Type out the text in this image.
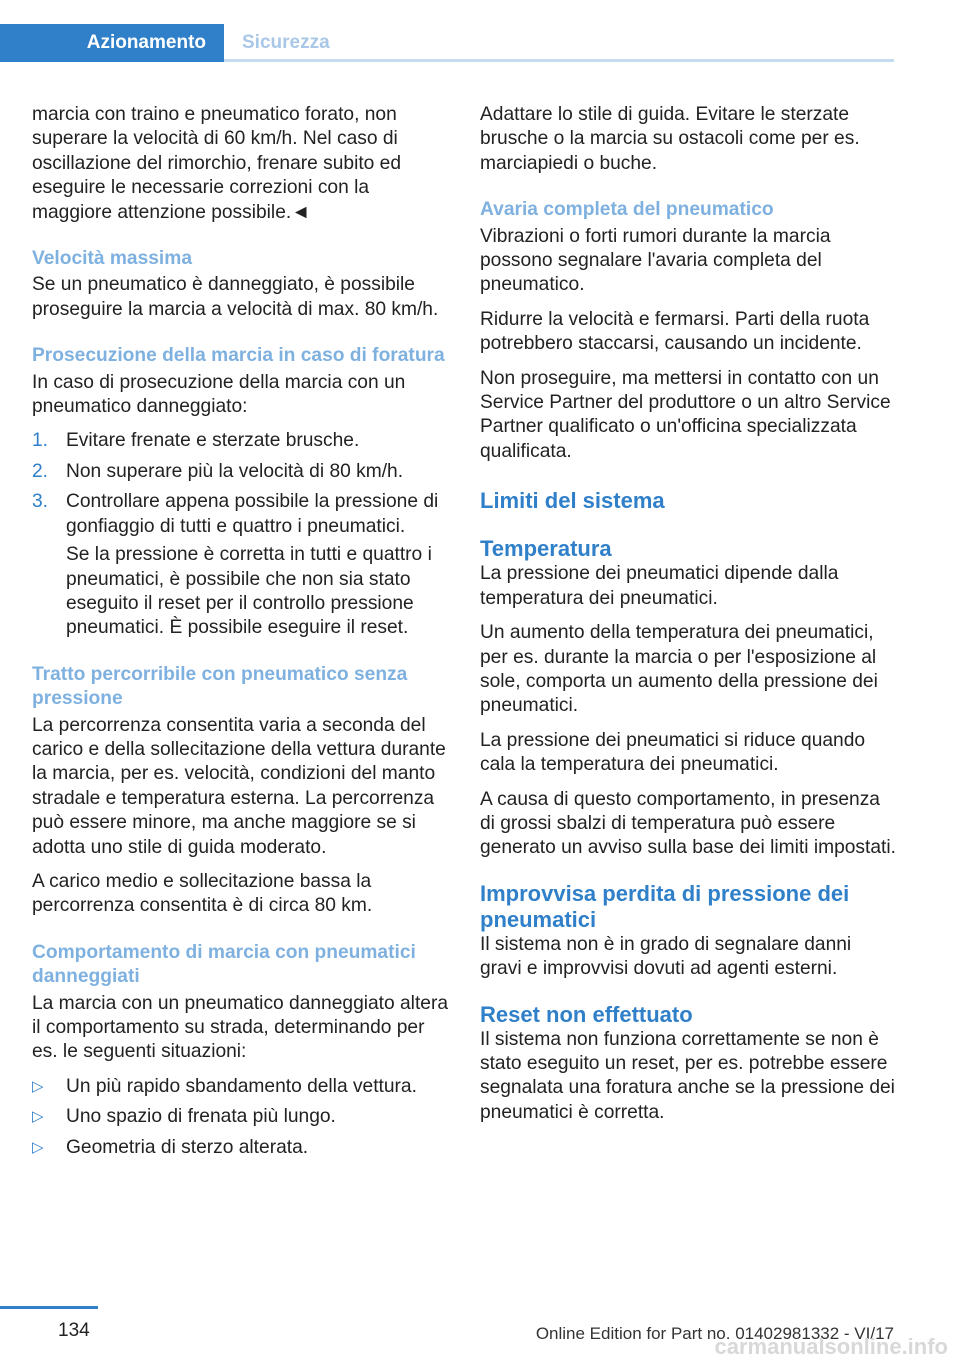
Azionamento Sicurezza

marcia con traino e pneumatico forato, non superare la velocità di 60 km/h. Nel caso di oscillazione del rimorchio, frenare subito ed eseguire le necessarie correzioni con la maggiore attenzione possibile.◄

Velocità massima

Se un pneumatico è danneggiato, è possibile proseguire la marcia a velocità di max. 80 km/h.

Prosecuzione della marcia in caso di foratura

In caso di prosecuzione della marcia con un pneumatico danneggiato:

1. Evitare frenate e sterzate brusche.
2. Non superare più la velocità di 80 km/h.
3. Controllare appena possibile la pressione di gonfiaggio di tutti e quattro i pneumatici.

Se la pressione è corretta in tutti e quattro i pneumatici, è possibile che non sia stato eseguito il reset per il controllo pressione pneumatici. È possibile eseguire il reset.

Tratto percorribile con pneumatico senza pressione

La percorrenza consentita varia a seconda del carico e della sollecitazione della vettura durante la marcia, per es. velocità, condizioni del manto stradale e temperatura esterna. La percorrenza può essere minore, ma anche maggiore se si adotta uno stile di guida moderato.

A carico medio e sollecitazione bassa la percorrenza consentita è di circa 80 km.

Comportamento di marcia con pneumatici danneggiati

La marcia con un pneumatico danneggiato altera il comportamento su strada, determinando per es. le seguenti situazioni:

▷ Un più rapido sbandamento della vettura.
▷ Uno spazio di frenata più lungo.
▷ Geometria di sterzo alterata.

Adattare lo stile di guida. Evitare le sterzate brusche o la marcia su ostacoli come per es. marciapiedi o buche.

Avaria completa del pneumatico

Vibrazioni o forti rumori durante la marcia possono segnalare l'avaria completa del pneumatico.

Ridurre la velocità e fermarsi. Parti della ruota potrebbero staccarsi, causando un incidente.

Non proseguire, ma mettersi in contatto con un Service Partner del produttore o un altro Service Partner qualificato o un'officina specializzata qualificata.

Limiti del sistema
Temperatura

La pressione dei pneumatici dipende dalla temperatura dei pneumatici.

Un aumento della temperatura dei pneumatici, per es. durante la marcia o per l'esposizione al sole, comporta un aumento della pressione dei pneumatici.

La pressione dei pneumatici si riduce quando cala la temperatura dei pneumatici.

A causa di questo comportamento, in presenza di grossi sbalzi di temperatura può essere generato un avviso sulla base dei limiti impostati.

Improvvisa perdita di pressione dei pneumatici

Il sistema non è in grado di segnalare danni gravi e improvvisi dovuti ad agenti esterni.

Reset non effettuato

Il sistema non funziona correttamente se non è stato eseguito un reset, per es. potrebbe essere segnalata una foratura anche se la pressione dei pneumatici è corretta.

134	Online Edition for Part no. 01402981332 - VI/17
carmanualsonline.info
